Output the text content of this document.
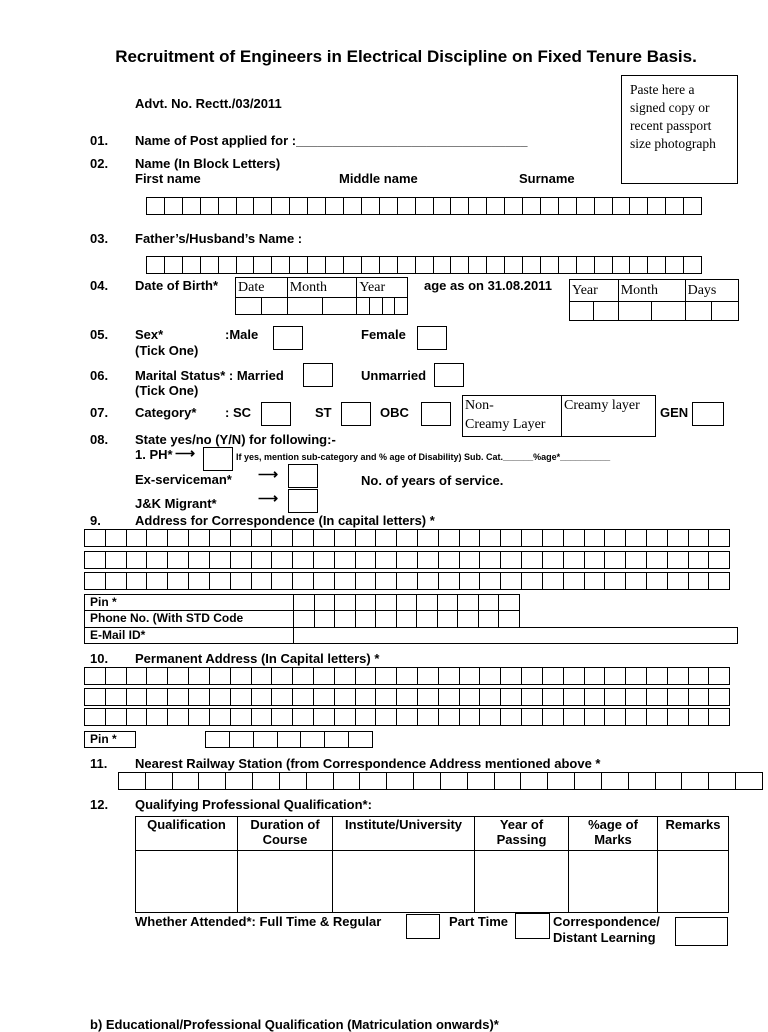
Recruitment of Engineers in Electrical Discipline on Fixed Tenure Basis.
Advt. No. Rectt./03/2011
Paste here a signed copy or recent passport size photograph
01. Name of Post applied for :________________________________
02. Name (In Block Letters)
First name	Middle name	Surname
03. Father’s/Husband’s Name :
04. Date of Birth* Date		Month		Year			
								age as on 31.08.2011 Year		Month		Days	

05. Sex*	:Male	Female
(Tick One)
06. Marital Status* : Married	Unmarried
(Tick One)
07. Category* : SC	ST	OBC	Non-
Creamy Layer	Creamy layer GEN
08. State yes/no (Y/N) for following:-
1. PH* ⟶	If yes, mention sub-category and % age of Disability) Sub. Cat.______%age*__________
Ex-serviceman* ⟶	No. of years of service.
J&K Migrant*	⟶
9.	Address for Correspondence (In capital letters) *
Pin *
Phone No. (With STD Code
E-Mail ID*
10. Permanent Address (In Capital letters) *
Pin *
11. Nearest Railway Station (from Correspondence Address mentioned above *
12. Qualifying Professional Qualification*:
Qualification	Duration of Course	Institute/University	Year of Passing	%age of Marks	Remarks

Whether Attended*: Full Time & Regular	Part Time	Correspondence/
Distant Learning
b) Educational/Professional Qualification (Matriculation onwards)*
